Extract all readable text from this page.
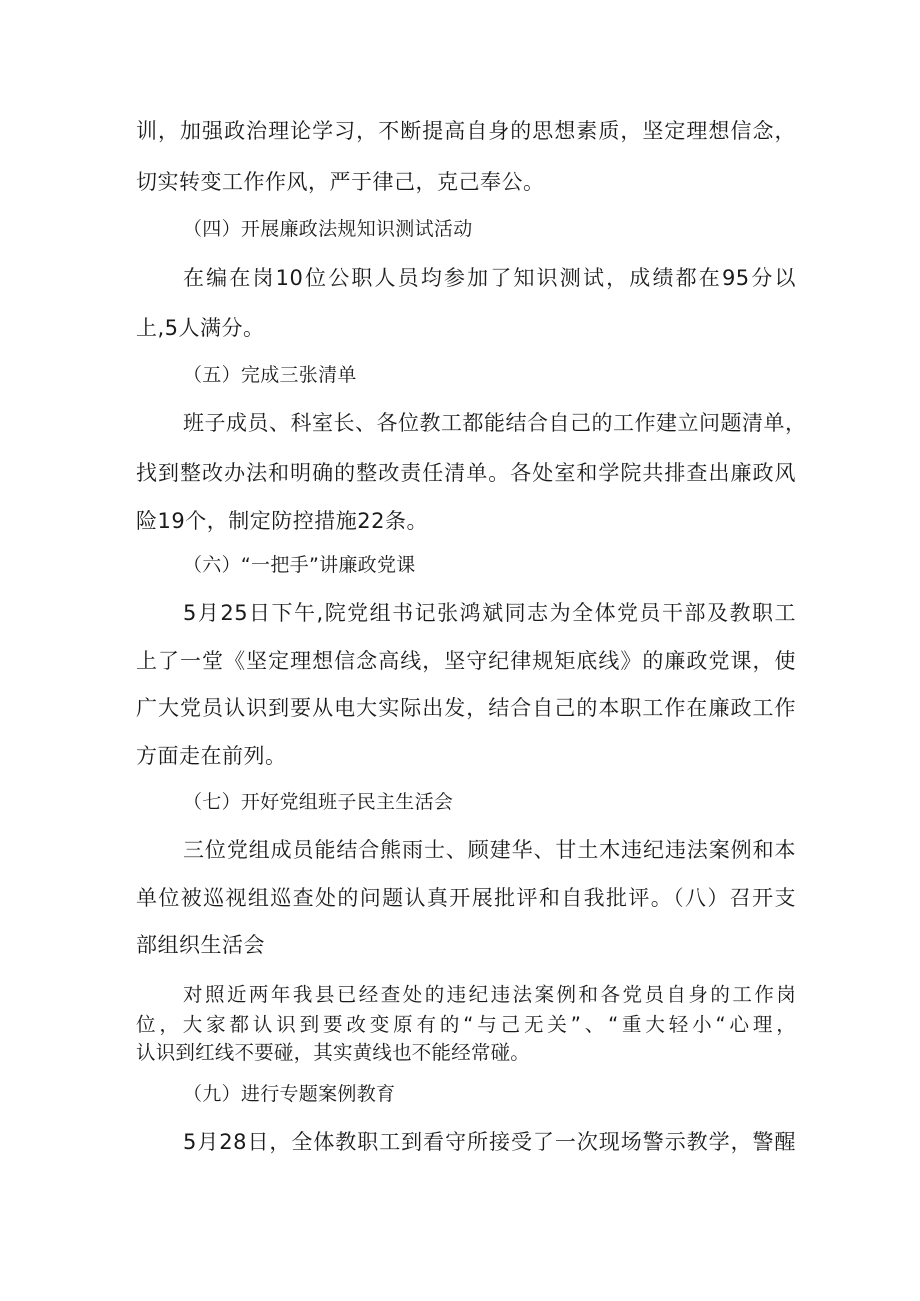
训，加强政治理论学习，不断提高自身的思想素质，坚定理想信念，
切实转变工作作风，严于律己，克己奉公。
（四）开展廉政法规知识测试活动
在编在岗10位公职人员均参加了知识测试，成绩都在95分以
上,5人满分。
（五）完成三张清单
班子成员、科室长、各位教工都能结合自己的工作建立问题清单，
找到整改办法和明确的整改责任清单。各处室和学院共排查出廉政风
险19个，制定防控措施22条。
（六）“一把手”讲廉政党课
5月25日下午,院党组书记张鸿斌同志为全体党员干部及教职工
上了一堂《坚定理想信念高线，坚守纪律规矩底线》的廉政党课，使
广大党员认识到要从电大实际出发，结合自己的本职工作在廉政工作
方面走在前列。
（七）开好党组班子民主生活会
三位党组成员能结合熊雨士、顾建华、甘土木违纪违法案例和本
单位被巡视组巡查处的问题认真开展批评和自我批评。（八）召开支
部组织生活会
对照近两年我县已经查处的违纪违法案例和各党员自身的工作岗
位，大家都认识到要改变原有的“与己无关”、“重大轻小“心理，
认识到红线不要碰，其实黄线也不能经常碰。
（九）进行专题案例教育
5月28日，全体教职工到看守所接受了一次现场警示教学，警醒
